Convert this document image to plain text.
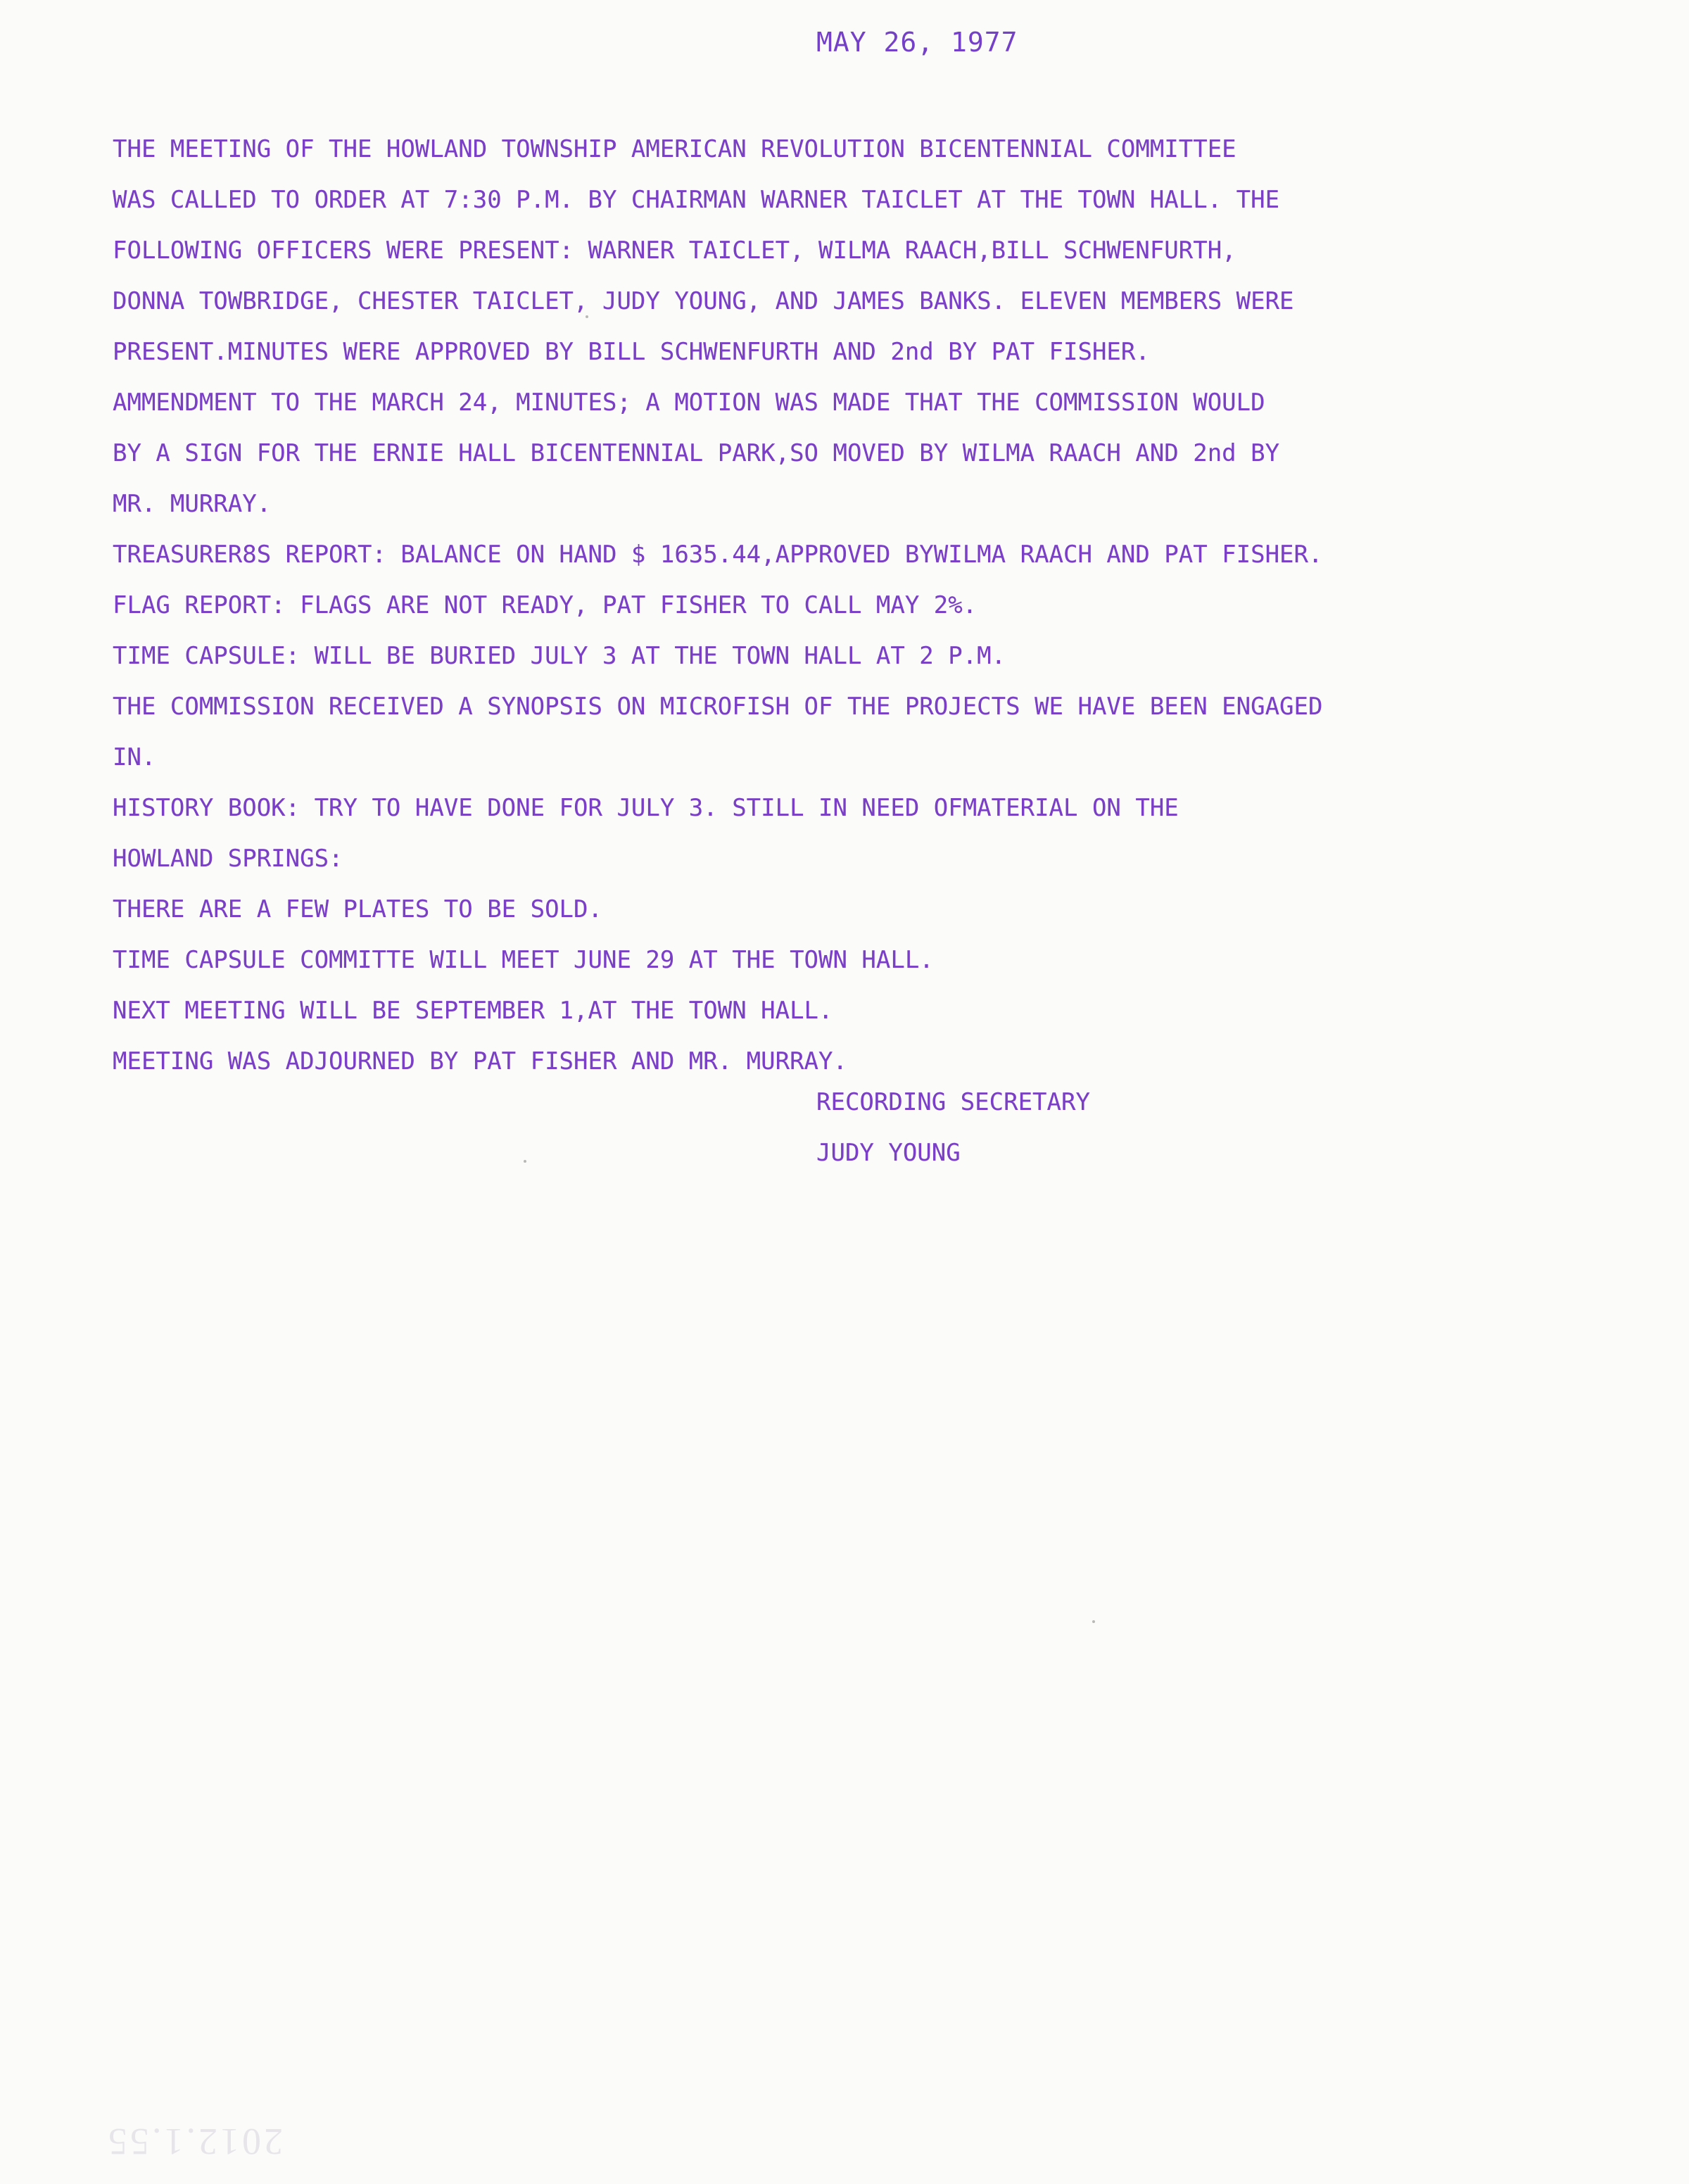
MAY 26, 1977
THE MEETING OF THE HOWLAND TOWNSHIP AMERICAN REVOLUTION BICENTENNIAL COMMITTEE
WAS CALLED TO ORDER AT 7:30 P.M. BY CHAIRMAN WARNER TAICLET AT THE TOWN HALL. THE
FOLLOWING OFFICERS WERE PRESENT: WARNER TAICLET, WILMA RAACH,BILL SCHWENFURTH,
DONNA TOWBRIDGE, CHESTER TAICLET, JUDY YOUNG, AND JAMES BANKS. ELEVEN MEMBERS WERE
PRESENT.MINUTES WERE APPROVED BY BILL SCHWENFURTH AND 2nd BY PAT FISHER.
AMMENDMENT TO THE MARCH 24, MINUTES; A MOTION WAS MADE THAT THE COMMISSION WOULD
BY A SIGN FOR THE ERNIE HALL BICENTENNIAL PARK,SO MOVED BY WILMA RAACH AND 2nd BY
MR. MURRAY.
TREASURER8S REPORT: BALANCE ON HAND $ 1635.44,APPROVED BYWILMA RAACH AND PAT FISHER.
FLAG REPORT: FLAGS ARE NOT READY, PAT FISHER TO CALL MAY 2%.
TIME CAPSULE: WILL BE BURIED JULY 3 AT THE TOWN HALL AT 2 P.M.
THE COMMISSION RECEIVED A SYNOPSIS ON MICROFISH OF THE PROJECTS WE HAVE BEEN ENGAGED
IN.
HISTORY BOOK: TRY TO HAVE DONE FOR JULY 3. STILL IN NEED OFMATERIAL ON THE
HOWLAND SPRINGS:
THERE ARE A FEW PLATES TO BE SOLD.
TIME CAPSULE COMMITTE WILL MEET JUNE 29 AT THE TOWN HALL.
NEXT MEETING WILL BE SEPTEMBER 1,AT THE TOWN HALL.
MEETING WAS ADJOURNED BY PAT FISHER AND MR. MURRAY.
RECORDING SECRETARY
JUDY YOUNG
2012.1.55
